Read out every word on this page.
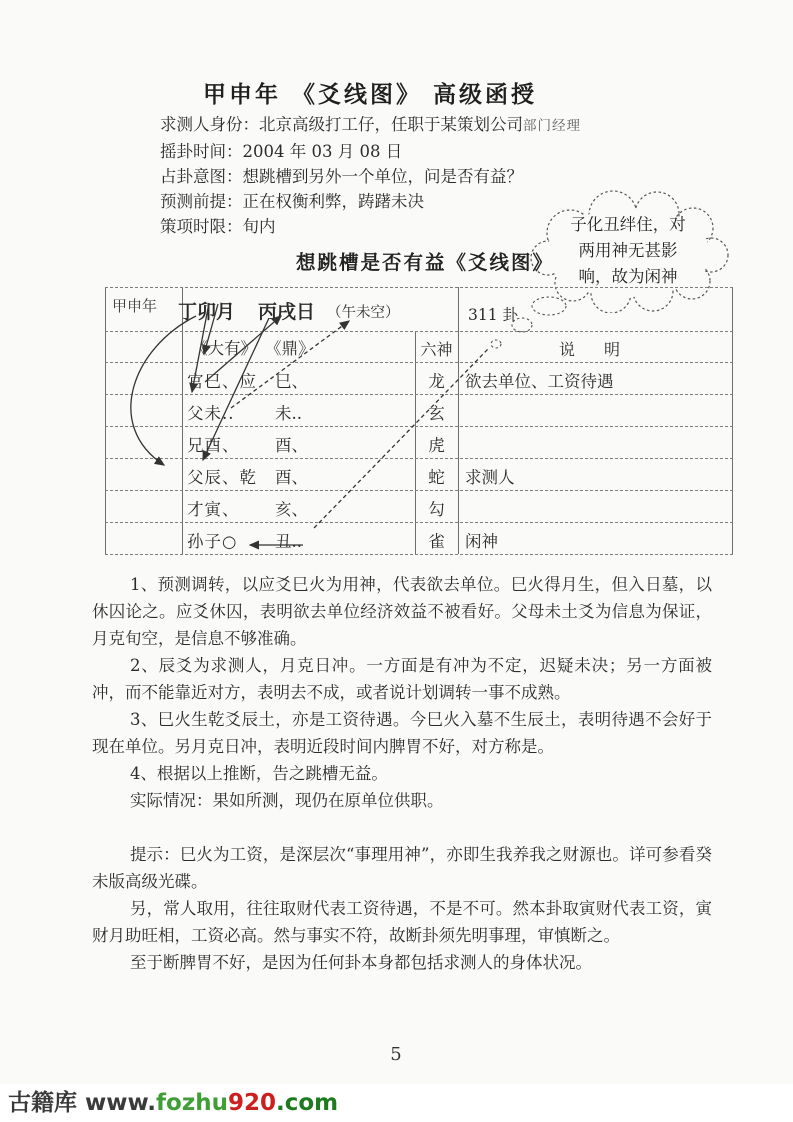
甲申年 《爻线图》 高级函授
求测人身份：北京高级打工仔，任职于某策划公司部门经理
摇卦时间：2004 年 03 月 08 日
占卦意图：想跳槽到另外一个单位，问是否有益？
预测前提：正在权衡利弊，踌躇未决
策项时限：旬内	子化丑绊住，对
两用神无甚影
响，故为闲神
想跳槽是否有益《爻线图》
甲申年 丁卯月 丙戌日 （午未空）	311 卦
《大有》 《鼎》	六神	说 明
官巳、应 巳、	龙	欲去单位、工资待遇
父未.. 未..	玄
兄酉、 酉、	虎
父辰、乾 酉、	蛇	求测人
才寅、 亥、	勾
孙子○ 丑..	雀	闲神

1、预测调转，以应爻巳火为用神，代表欲去单位。巳火得月生，但入日墓，以休囚论之。应爻休囚，表明欲去单位经济效益不被看好。父母未土爻为信息为保证，月克旬空，是信息不够准确。

2、辰爻为求测人，月克日冲。一方面是有冲为不定，迟疑未决；另一方面被冲，而不能靠近对方，表明去不成，或者说计划调转一事不成熟。

3、巳火生乾爻辰土，亦是工资待遇。今巳火入墓不生辰土，表明待遇不会好于现在单位。另月克日冲，表明近段时间内脾胃不好，对方称是。

4、根据以上推断，告之跳槽无益。

实际情况：果如所测，现仍在原单位供职。

提示：巳火为工资，是深层次“事理用神”，亦即生我养我之财源也。详可参看癸未版高级光碟。

另，常人取用，往往取财代表工资待遇，不是不可。然本卦取寅财代表工资，寅财月助旺相，工资必高。然与事实不符，故断卦须先明事理，审慎断之。

至于断脾胃不好，是因为任何卦本身都包括求测人的身体状况。

5
古籍库 www.fozhu920.com
